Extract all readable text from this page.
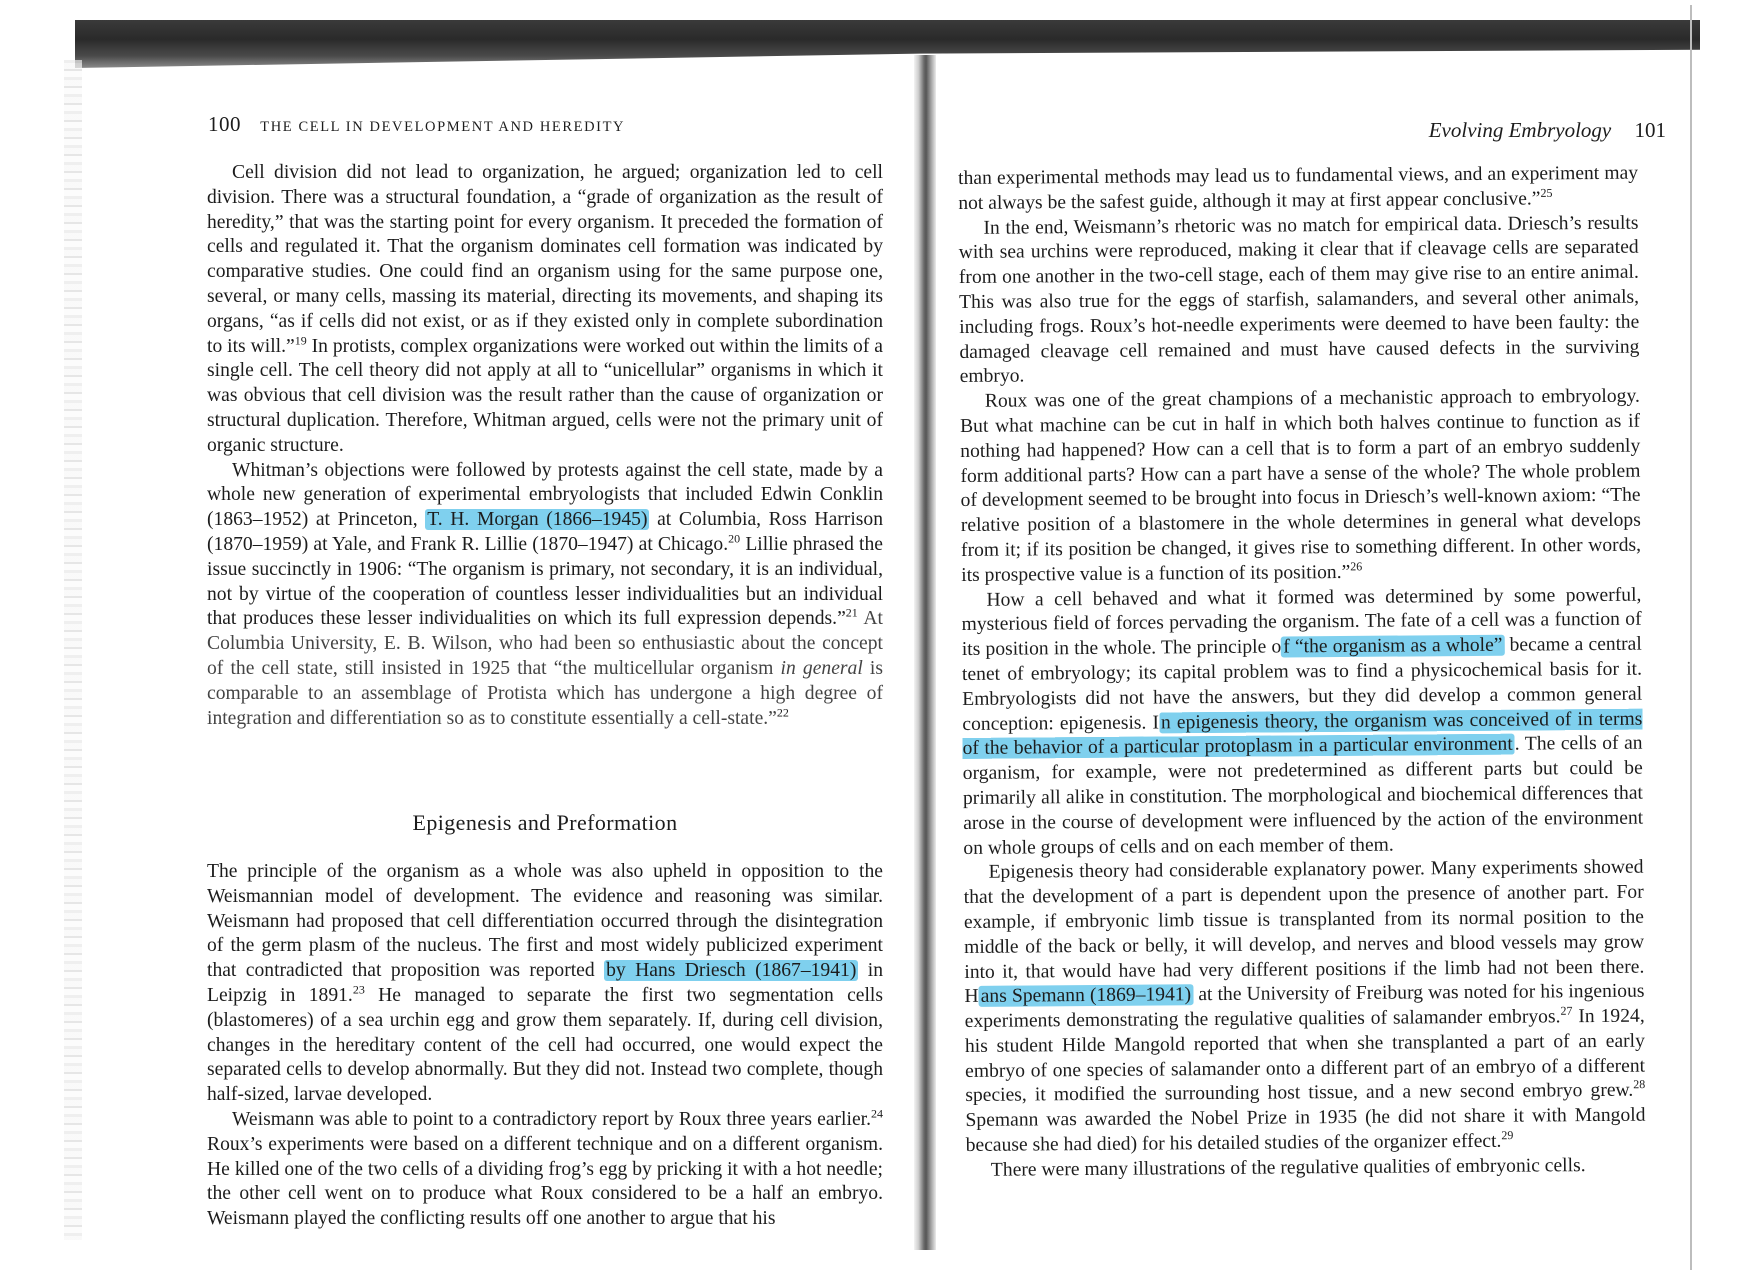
100 THE CELL IN DEVELOPMENT AND HEREDITY

Cell division did not lead to organization, he argued; organization led to cell division. There was a structural foundation, a “grade of organization as the result of heredity,” that was the starting point for every organism. It preceded the formation of cells and regulated it. That the organism dominates cell formation was indicated by comparative studies. One could find an organism using for the same purpose one, several, or many cells, massing its material, directing its movements, and shaping its organs, “as if cells did not exist, or as if they existed only in complete subordination to its will.”$^{19}$ In protists, complex organizations were worked out within the limits of a single cell. The cell theory did not apply at all to “unicellular” organisms in which it was obvious that cell division was the result rather than the cause of organization or structural duplication. Therefore, Whitman argued, cells were not the primary unit of organic structure.

Whitman’s objections were followed by protests against the cell state, made by a whole new generation of experimental embryologists that included Edwin Conklin (1863–1952) at Princeton, T. H. Morgan (1866–1945) at Columbia, Ross Harrison (1870–1959) at Yale, and Frank R. Lillie (1870–1947) at Chicago.$^{20}$ Lillie phrased the issue succinctly in 1906: “The organism is primary, not secondary, it is an individual, not by virtue of the cooperation of countless lesser individualities but an individual that produces these lesser individualities on which its full expression depends.”$^{21}$ At Columbia University, E. B. Wilson, who had been so enthusiastic about the concept of the cell state, still insisted in 1925 that “the multicellular organism in general is comparable to an assemblage of Protista which has undergone a high degree of integration and differentiation so as to constitute essentially a cell-state.”$^{22}$

Epigenesis and Preformation

The principle of the organism as a whole was also upheld in opposition to the Weismannian model of development. The evidence and reasoning was similar. Weismann had proposed that cell differentiation occurred through the disintegration of the germ plasm of the nucleus. The first and most widely publicized experiment that contradicted that proposition was reported by Hans Driesch (1867–1941) in Leipzig in 1891.23 He managed to separate the first two segmentation cells (blastomeres) of a sea urchin egg and grow them separately. If, during cell division, changes in the hereditary content of the cell had occurred, one would expect the separated cells to develop abnormally. But they did not. Instead two complete, though half-sized, larvae developed.

Weismann was able to point to a contradictory report by Roux three years earlier.$^{24}$ Roux’s experiments were based on a different technique and on a different organism. He killed one of the two cells of a dividing frog’s egg by pricking it with a hot needle; the other cell went on to produce what Roux considered to be a half an embryo. Weismann played the conflicting results off one another to argue that his

Evolving Embryology 101

than experimental methods may lead us to fundamental views, and an experiment may not always be the safest guide, although it may at first appear conclusive.”$^{25}$

In the end, Weismann’s rhetoric was no match for empirical data. Driesch’s results with sea urchins were reproduced, making it clear that if cleavage cells are separated from one another in the two-cell stage, each of them may give rise to an entire animal. This was also true for the eggs of starfish, salamanders, and several other animals, including frogs. Roux’s hot-needle experiments were deemed to have been faulty: the damaged cleavage cell remained and must have caused defects in the surviving embryo.

Roux was one of the great champions of a mechanistic approach to embryology. But what machine can be cut in half in which both halves continue to function as if nothing had happened? How can a cell that is to form a part of an embryo suddenly form additional parts? How can a part have a sense of the whole? The whole problem of development seemed to be brought into focus in Driesch’s well-known axiom: “The relative position of a blastomere in the whole determines in general what develops from it; if its position be changed, it gives rise to something different. In other words, its prospective value is a function of its position.”$^{26}$

How a cell behaved and what it formed was determined by some powerful, mysterious field of forces pervading the organism. The fate of a cell was a function of its position in the whole. The principle of “the organism as a whole” became a central tenet of embryology; its capital problem was to find a physicochemical basis for it. Embryologists did not have the answers, but they did develop a common general conception: epigenesis. In epigenesis theory, the organism was conceived of in terms of the behavior of a particular protoplasm in a particular environment. The cells of an organism, for example, were not predetermined as different parts but could be primarily all alike in constitution. The morphological and biochemical differences that arose in the course of development were influenced by the action of the environment on whole groups of cells and on each member of them.

Epigenesis theory had considerable explanatory power. Many experiments showed that the development of a part is dependent upon the presence of another part. For example, if embryonic limb tissue is transplanted from its normal position to the middle of the back or belly, it will develop, and nerves and blood vessels may grow into it, that would have had very different positions if the limb had not been there. Hans Spemann (1869–1941) at the University of Freiburg was noted for his ingenious experiments demonstrating the regulative qualities of salamander embryos.$^{27}$ In 1924, his student Hilde Mangold reported that when she transplanted a part of an early embryo of one species of salamander onto a different part of an embryo of a different species, it modified the surrounding host tissue, and a new second embryo grew.$^{28}$ Spemann was awarded the Nobel Prize in 1935 (he did not share it with Mangold because she had died) for his detailed studies of the organizer effect.$^{29}$

There were many illustrations of the regulative qualities of embryonic cells.
